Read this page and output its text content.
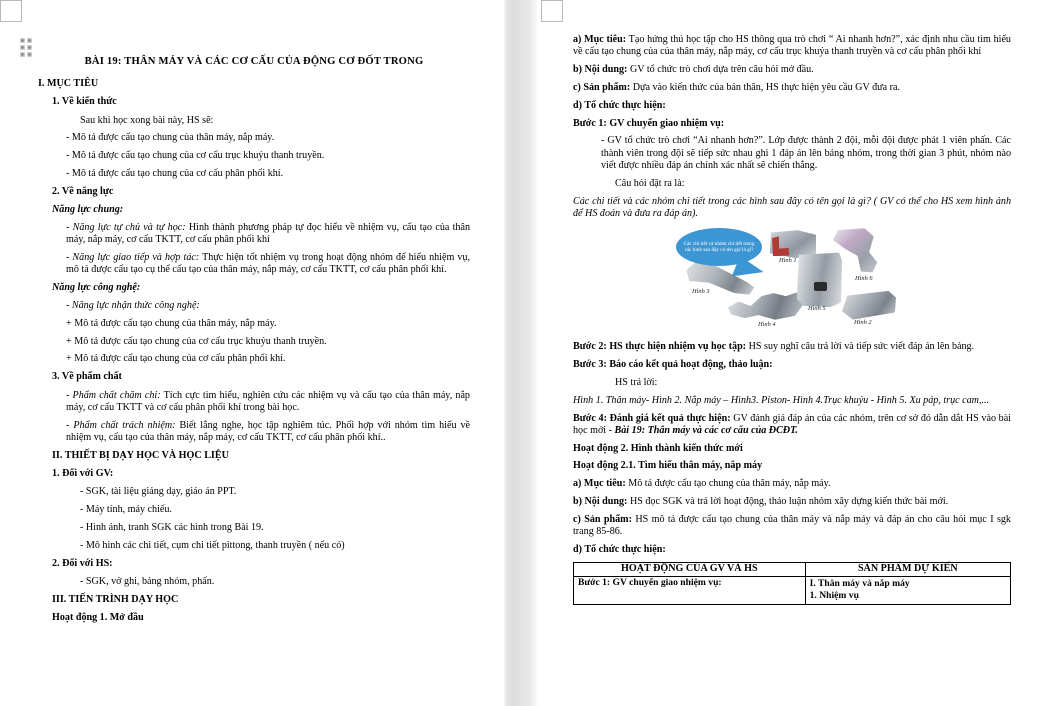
BÀI 19: THÂN MÁY VÀ CÁC CƠ CẤU CỦA ĐỘNG CƠ ĐỐT TRONG

I. MỤC TIÊU

1. Về kiến thức

Sau khi học xong bài này, HS sẽ:

- Mô tả được cấu tạo chung của thân máy, nắp máy.

- Mô tả được cấu tạo chung của cơ cấu trục khuỷu thanh truyền.

- Mô tả được cấu tạo chung của cơ cấu phân phối khí.

2. Về năng lực

Năng lực chung:

- Năng lực tự chủ và tự học: Hình thành phương pháp tự đọc hiểu về nhiệm vụ, cấu tạo của thân máy, nắp máy, cơ cấu TKTT, cơ cấu phân phối khí

- Năng lực giao tiếp và hợp tác: Thực hiện tốt nhiệm vụ trong hoạt động nhóm để hiểu nhiệm vụ, mô tả được cấu tạo cụ thể cấu tạo của thân máy, nắp máy, cơ cấu TKTT, cơ cấu phân phối khí.

Năng lực công nghệ:

- Năng lực nhận thức công nghệ:

+ Mô tả được cấu tạo chung của thân máy, nắp máy.

+ Mô tả được cấu tạo chung của cơ cấu trục khuỷu thanh truyền.

+ Mô tả được cấu tạo chung của cơ cấu phân phối khí.

3. Về phẩm chất

- Phẩm chất chăm chỉ: Tích cực tìm hiểu, nghiên cứu các nhiệm vụ và cấu tạo của thân máy, nắp máy, cơ cấu TKTT và cơ cấu phân phối khí trong bài học.

- Phẩm chất trách nhiệm: Biết lắng nghe, học tập nghiêm túc. Phối hợp với nhóm tìm hiểu về nhiệm vụ, cấu tạo của thân máy, nắp máy, cơ cấu TKTT, cơ cấu phân phối khí..

II. THIẾT BỊ DẠY HỌC VÀ HỌC LIỆU

1. Đối với GV:

- SGK, tài liệu giảng dạy, giáo án PPT.

- Máy tính, máy chiếu.

- Hình ảnh, tranh SGK các hình trong Bài 19.

- Mô hình các chi tiết, cụm chi tiết pittong, thanh truyền ( nếu có)

2. Đối với HS:

- SGK, vở ghi, bảng nhóm, phấn.

III. TIẾN TRÌNH DẠY HỌC

Hoạt động 1. Mở đầu

a) Mục tiêu: Tạo hứng thú học tập cho HS thông qua trò chơi “ Ai nhanh hơn?”, xác định nhu cầu tìm hiểu về cấu tạo chung của của thân máy, nắp máy, cơ cấu trục khuỷa thanh truyền và cơ cấu phân phối khí

b) Nội dung: GV tổ chức trò chơi dựa trên câu hỏi mở đầu.

c) Sản phẩm: Dựa vào kiến thức của bản thân, HS thực hiện yêu cầu GV đưa ra.

d) Tổ chức thực hiện:

Bước 1: GV chuyển giao nhiệm vụ:

- GV tổ chức trò chơi “Ai nhanh hơn?”. Lớp được thành 2 đội, mỗi đội được phát 1 viên phấn. Các thành viên trong đội sẽ tiếp sức nhau ghi 1 đáp án lên bảng nhóm, trong thời gian 3 phút, nhóm nào viết được nhiều đáp án chính xác nhất sẽ chiến thắng.

Câu hỏi đặt ra là:

Các chi tiết và các nhóm chi tiết trong các hình sau đây có tên gọi là gì? ( GV có thể cho HS xem hình ảnh để HS đoán và đưa ra đáp án).

Hình 3
Hình 1
Hình 6
Hình 4
Hình 5
Hình 2
Các chi tiết và nhóm chi tiết trong các hình sau đây có tên gọi là gì?

Bước 2: HS thực hiện nhiệm vụ học tập: HS suy nghĩ câu trả lời và tiếp sức viết đáp án lên bảng.

Bước 3: Báo cáo kết quả hoạt động, thảo luận:

HS trả lời:

Hình 1. Thân máy- Hình 2. Nắp máy – Hình3. Piston- Hình 4.Trục khuỷu - Hình 5. Xu páp, trục cam,...

Bước 4: Đánh giá kết quả thực hiện: GV đánh giá đáp án của các nhóm, trên cơ sở đó dẫn dắt HS vào bài học mới - Bài 19: Thân máy và các cơ cấu của ĐCĐT.

Hoạt động 2. Hình thành kiến thức mới

Hoạt động 2.1. Tìm hiểu thân máy, nắp máy

a) Mục tiêu: Mô tả được cấu tạo chung của thân máy, nắp máy.

b) Nội dung: HS đọc SGK và trả lời hoạt động, thảo luận nhóm xây dựng kiến thức bài mới.

c) Sản phẩm: HS mô tả được cấu tạo chung của thân máy và nắp máy và đáp án cho câu hỏi mục I sgk trang 85-86.

d) Tổ chức thực hiện:

HOẠT ĐỘNG CỦA GV VÀ HS	SẢN PHẨM DỰ KIẾN
Bước 1: GV chuyển giao nhiệm vụ:	I. Thân máy và nắp máy
1. Nhiệm vụ
